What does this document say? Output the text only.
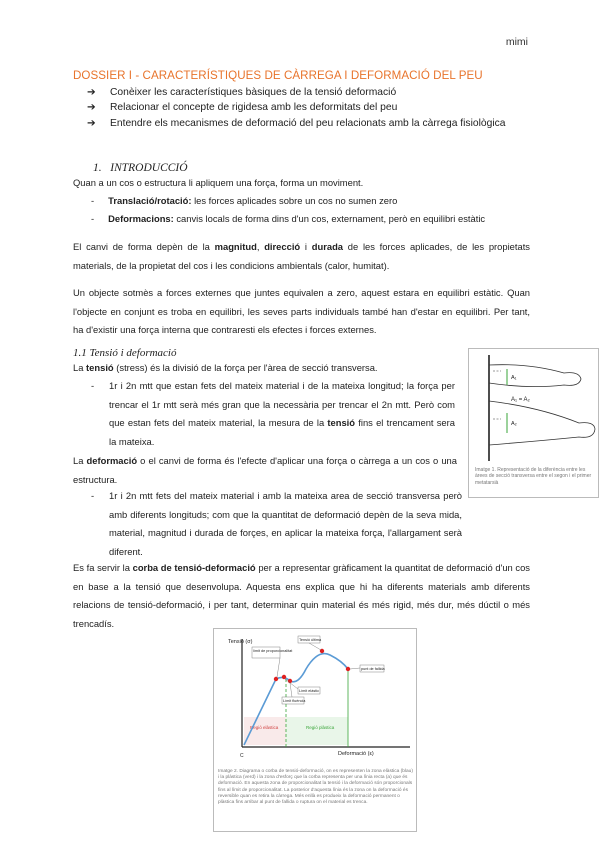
mimi
DOSSIER I - CARACTERÍSTIQUES DE CÀRREGA I DEFORMACIÓ DEL PEU
➔ Conèixer les característiques bàsiques de la tensió deformació
➔ Relacionar el concepte de rigidesa amb les deformitats del peu
➔ Entendre els mecanismes de deformació del peu relacionats amb la càrrega fisiològica
1. INTRODUCCIÓ
Quan a un cos o estructura li apliquem una força, forma un moviment.
- Translació/rotació: les forces aplicades sobre un cos no sumen zero
- Deformacions: canvis locals de forma dins d'un cos, externament, però en equilibri estàtic
El canvi de forma depèn de la magnitud, direcció i durada de les forces aplicades, de les propietats materials, de la propietat del cos i les condicions ambientals (calor, humitat).
Un objecte sotmès a forces externes que juntes equivalen a zero, aquest estara en equilibri estàtic. Quan l'objecte en conjunt es troba en equilibri, les seves parts individuals també han d'estar en equilibri. Per tant, ha d'existir una força interna que contraresti els efectes i forces externes.
1.1 Tensió i deformació
La tensió (stress) és la divisió de la força per l'àrea de secció transversa.
- 1r i 2n mtt que estan fets del mateix material i de la mateixa longitud; la força per trencar el 1r mtt serà més gran que la necessària per trencar el 2n mtt. Però com que estan fets del mateix material, la mesura de la tensió fins el trencament sera la mateixa.
La deformació o el canvi de forma és l'efecte d'aplicar una força o càrrega a un cos o una estructura.
- 1r i 2n mtt fets del mateix material i amb la mateixa area de secció transversa però amb diferents longituds; com que la quantitat de deformació depèn de la seva mida, material, magnitud i durada de forçes, en aplicar la mateixa força, l'allargament serà diferent.
Es fa servir la corba de tensió-deformació per a representar gràficament la quantitat de deformació d'un cos en base a la tensió que desenvolupa. Aquesta ens explica que hi ha diferents materials amb diferents relacions de tensió-deformació, i per tant, determinar quin material és més rigid, més dur, més dúctil o més trencadís.
A₁
A₂
A₁ = A₂
Imatge 1. Representació de la diferència entre les àrees de secció transversa entre el segon i el primer metatarsià
Tensió (σ)
Deformació (ε)
C
Regió elàstica	Regió plàstica
límit de proporcionalitat
Tensió última
Límit elàstic
Límit fluència
punt de fallida
Imatge 2. Diagrama o corba de tensió-deformació, on es representen la zona elàstica (blau) i la plàstica (verd) i la zona d'esforç que la corba representa per una línia recta (a) que és deformació. En aquesta zona de proporcionalitat la tensió i la deformació són proporcionals fins al límit de proporcionalitat. La posterior d'aquesta línia és la zona on la deformació és reversible quan es retira la càrrega. Més enllà es produeix la deformació permanent o plàstica fins arribar al punt de fallida o ruptura on el material es trenca.
